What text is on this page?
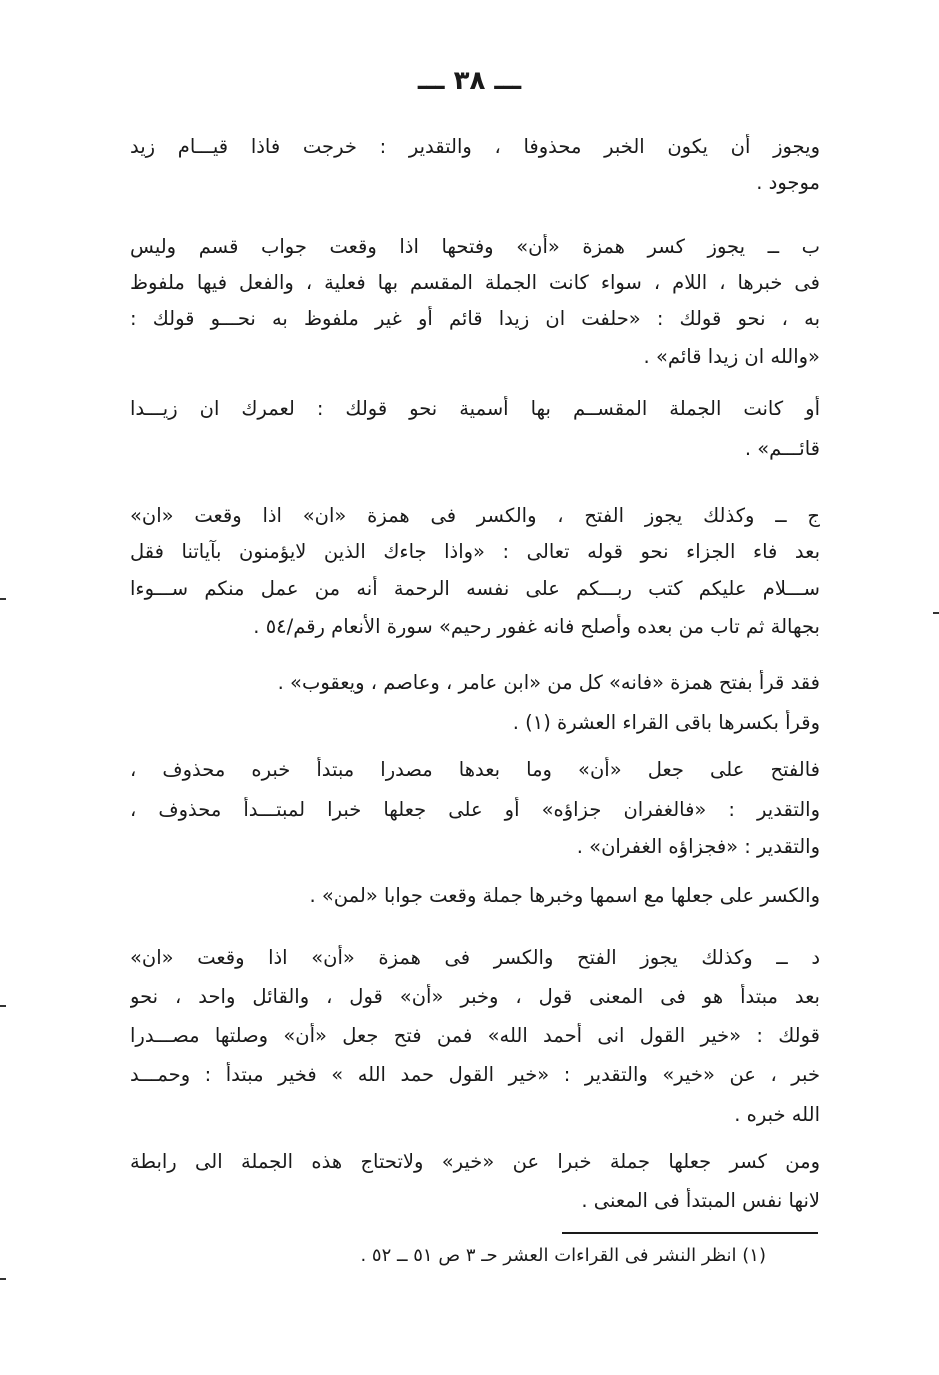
ـــ ٣٨ ـــ
ويجوز أن يكون الخبر محذوفا ، والتقدير : خرجت فاذا قيـــام زيد
موجود .
ب ــ يجوز كسر همزة «أن» وفتحها اذا وقعت جواب قسم وليس
فى خبرها ، اللام ، سواء كانت الجملة المقسم بها فعلية ، والفعل فيها ملفوظ
به ، نحو قولك : «حلفت ان زيدا قائم أو غير ملفوظ به نحـــو قولك :
«والله ان زيدا قائم» .
أو كانت الجملة المقســم بها أسمية نحو قولك : لعمرك ان زيـــدا
قائـــم» .
ج ــ وكذلك يجوز الفتح ، والكسر فى همزة «ان» اذا وقعت «ان»
بعد فاء الجزاء نحو قوله تعالى : «واذا جاءك الذين لايؤمنون بآياتنا فقل
ســـلام عليكم كتب ربـــكم على نفسه الرحمة أنه من عمل منكم ســـوءا
بجهالة ثم تاب من بعده وأصلح فانه غفور رحيم» سورة الأنعام رقم/٥٤ .
فقد قرأ بفتح همزة «فانه» كل من «ابن عامر ، وعاصم ، ويعقوب» .
وقرأ بكسرها باقى القراء العشرة (١) .
فالفتح على جعل «أن» وما بعدها مصدرا مبتدأ خبره محذوف ،
والتقدير : «فالغفران جزاؤه» أو على جعلها خبرا لمبتـــدأ محذوف ،
والتقدير : «فجزاؤه الغفران» .
والكسر على جعلها مع اسمها وخبرها جملة وقعت جوابا «لمن» .
د ــ وكذلك يجوز الفتح والكسر فى همزة «أن» اذا وقعت «ان»
بعد مبتدأ هو فى المعنى قول ، وخبر «أن» قول ، والقائل واحد ، نحو
قولك : «خير القول انى أحمد الله» فمن فتح جعل «أن» وصلتها مصـــدرا
خبر ، عن «خير» والتقدير : «خير القول حمد الله » فخير مبتدأ : وحمـــد
الله خبره .
ومن كسر جعلها جملة خبرا عن «خير» ولاتحتاج هذه الجملة الى رابطة
لانها نفس المبتدأ فى المعنى .
(١) انظر النشر فى القراءات العشر حـ ٣ ص ٥١ ــ ٥٢ .
